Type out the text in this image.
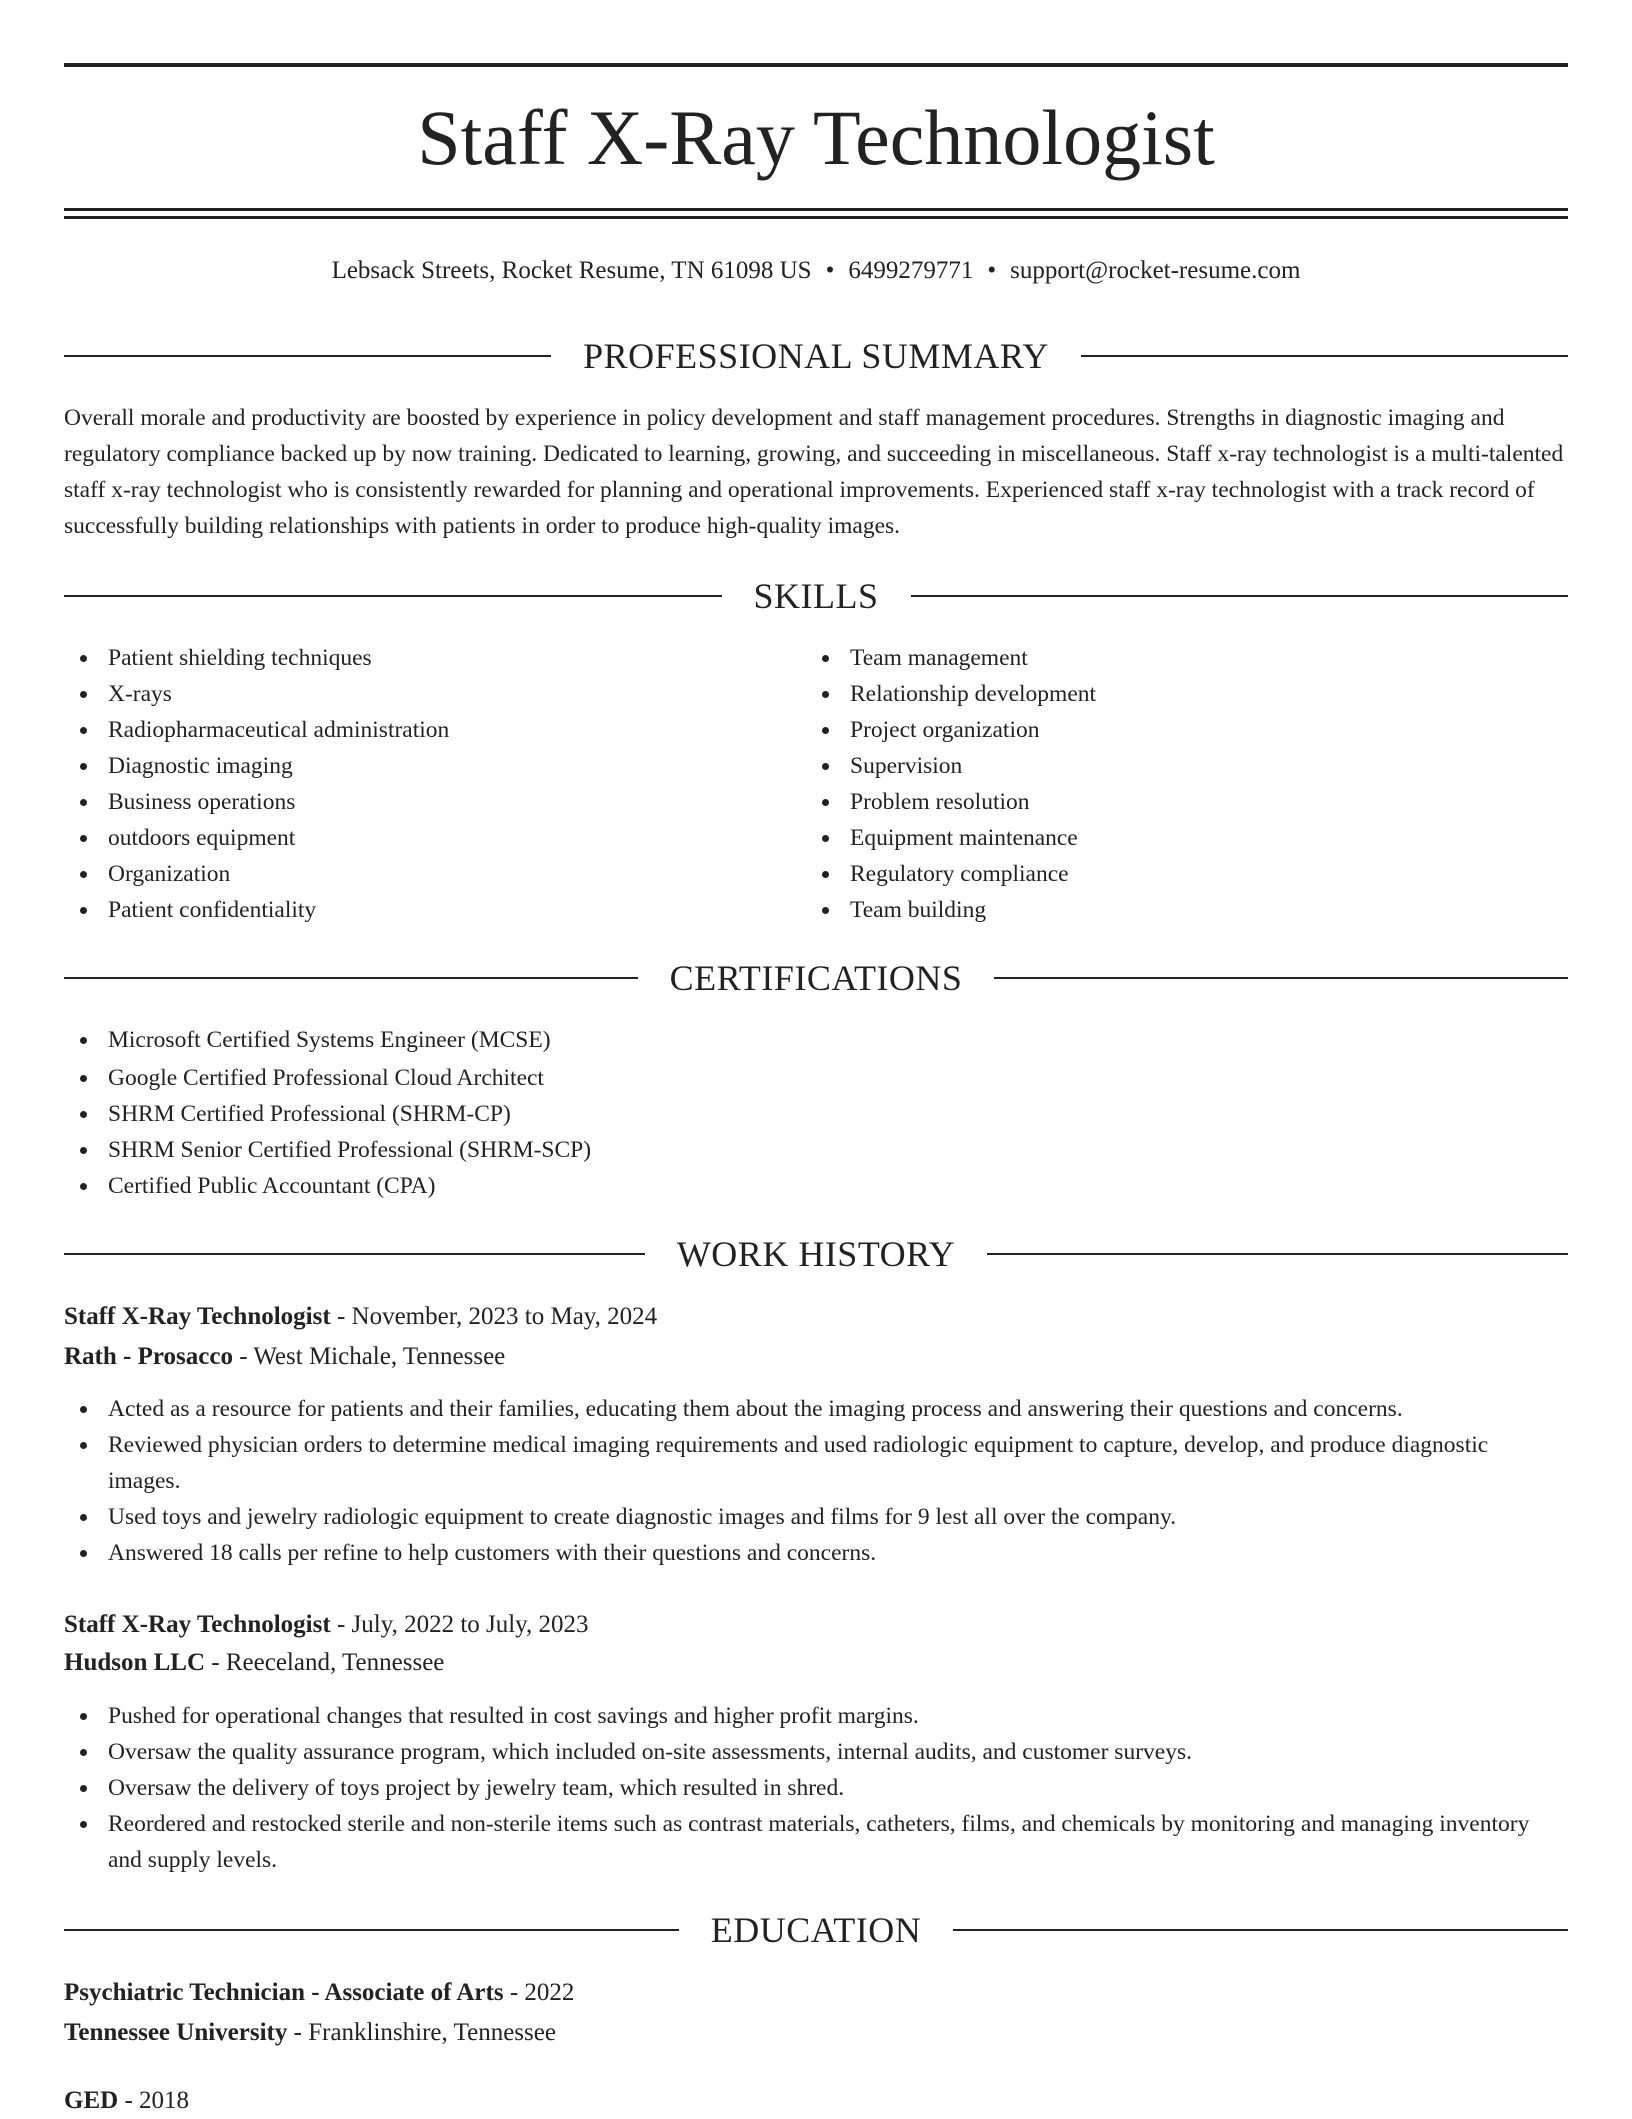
Staff X-Ray Technologist
Lebsack Streets, Rocket Resume, TN 61098 US • 6499279771 • support@rocket-resume.com
PROFESSIONAL SUMMARY

Overall morale and productivity are boosted by experience in policy development and staff management procedures. Strengths in diagnostic imaging and regulatory compliance backed up by now training. Dedicated to learning, growing, and succeeding in miscellaneous. Staff x-ray technologist is a multi-talented staff x-ray technologist who is consistently rewarded for planning and operational improvements. Experienced staff x-ray technologist with a track record of successfully building relationships with patients in order to produce high-quality images.

SKILLS
Patient shielding techniques
X-rays
Radiopharmaceutical administration
Diagnostic imaging
Business operations
outdoors equipment
Organization
Patient confidentiality
Team management
Relationship development
Project organization
Supervision
Problem resolution
Equipment maintenance
Regulatory compliance
Team building
CERTIFICATIONS
Microsoft Certified Systems Engineer (MCSE)
Google Certified Professional Cloud Architect
SHRM Certified Professional (SHRM-CP)
SHRM Senior Certified Professional (SHRM-SCP)
Certified Public Accountant (CPA)
WORK HISTORY

Staff X-Ray Technologist - November, 2023 to May, 2024

Rath - Prosacco - West Michale, Tennessee

Acted as a resource for patients and their families, educating them about the imaging process and answering their questions and concerns.
Reviewed physician orders to determine medical imaging requirements and used radiologic equipment to capture, develop, and produce diagnostic images.
Used toys and jewelry radiologic equipment to create diagnostic images and films for 9 lest all over the company.
Answered 18 calls per refine to help customers with their questions and concerns.

Staff X-Ray Technologist - July, 2022 to July, 2023

Hudson LLC - Reeceland, Tennessee

Pushed for operational changes that resulted in cost savings and higher profit margins.
Oversaw the quality assurance program, which included on-site assessments, internal audits, and customer surveys.
Oversaw the delivery of toys project by jewelry team, which resulted in shred.
Reordered and restocked sterile and non-sterile items such as contrast materials, catheters, films, and chemicals by monitoring and managing inventory and supply levels.
EDUCATION

Psychiatric Technician - Associate of Arts - 2022

Tennessee University - Franklinshire, Tennessee

GED - 2018
